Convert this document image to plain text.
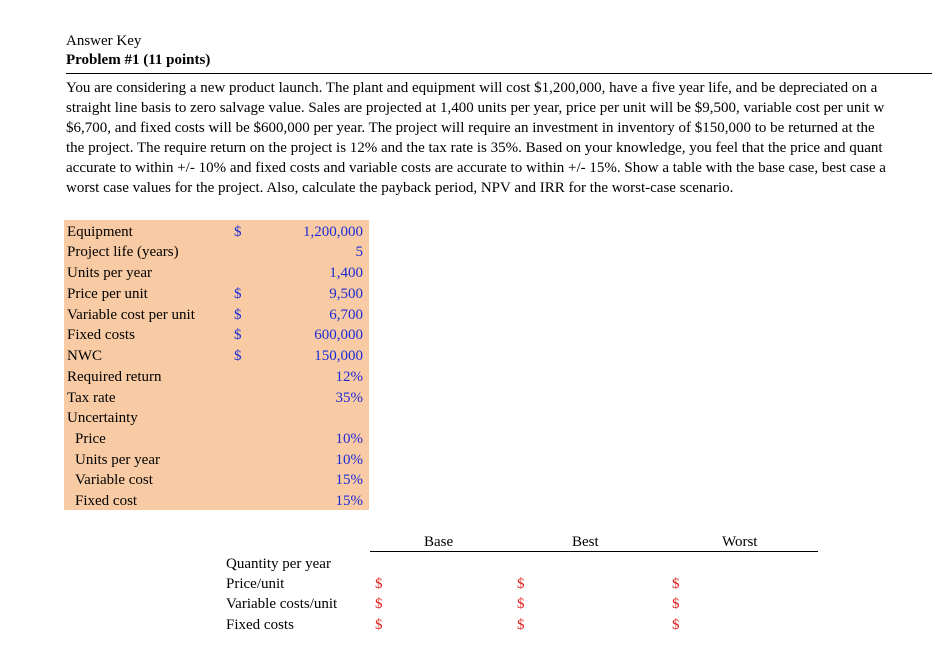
Answer Key
Problem #1 (11 points)
You are considering a new product launch. The plant and equipment will cost $1,200,000, have a five year life, and be depreciated on a
straight line basis to zero salvage value. Sales are projected at 1,400 units per year, price per unit will be $9,500, variable cost per unit w
$6,700, and fixed costs will be $600,000 per year. The project will require an investment in inventory of $150,000 to be returned at the
the project. The require return on the project is 12% and the tax rate is 35%. Based on your knowledge, you feel that the price and quant
accurate to within +/- 10% and fixed costs and variable costs are accurate to within +/- 15%. Show a table with the base case, best case a
worst case values for the project. Also, calculate the payback period, NPV and IRR for the worst-case scenario.
Equipment	$	1,200,000
Project life (years)	5
Units per year	1,400
Price per unit	$	9,500
Variable cost per unit	$	6,700
Fixed costs	$	600,000
NWC	$	150,000
Required return	12%
Tax rate	35%
Uncertainty
Price	10%
Units per year	10%
Variable cost	15%
Fixed cost	15%
Base	Best	Worst
Quantity per year
Price/unit	$	$	$
Variable costs/unit	$	$	$
Fixed costs	$	$	$
